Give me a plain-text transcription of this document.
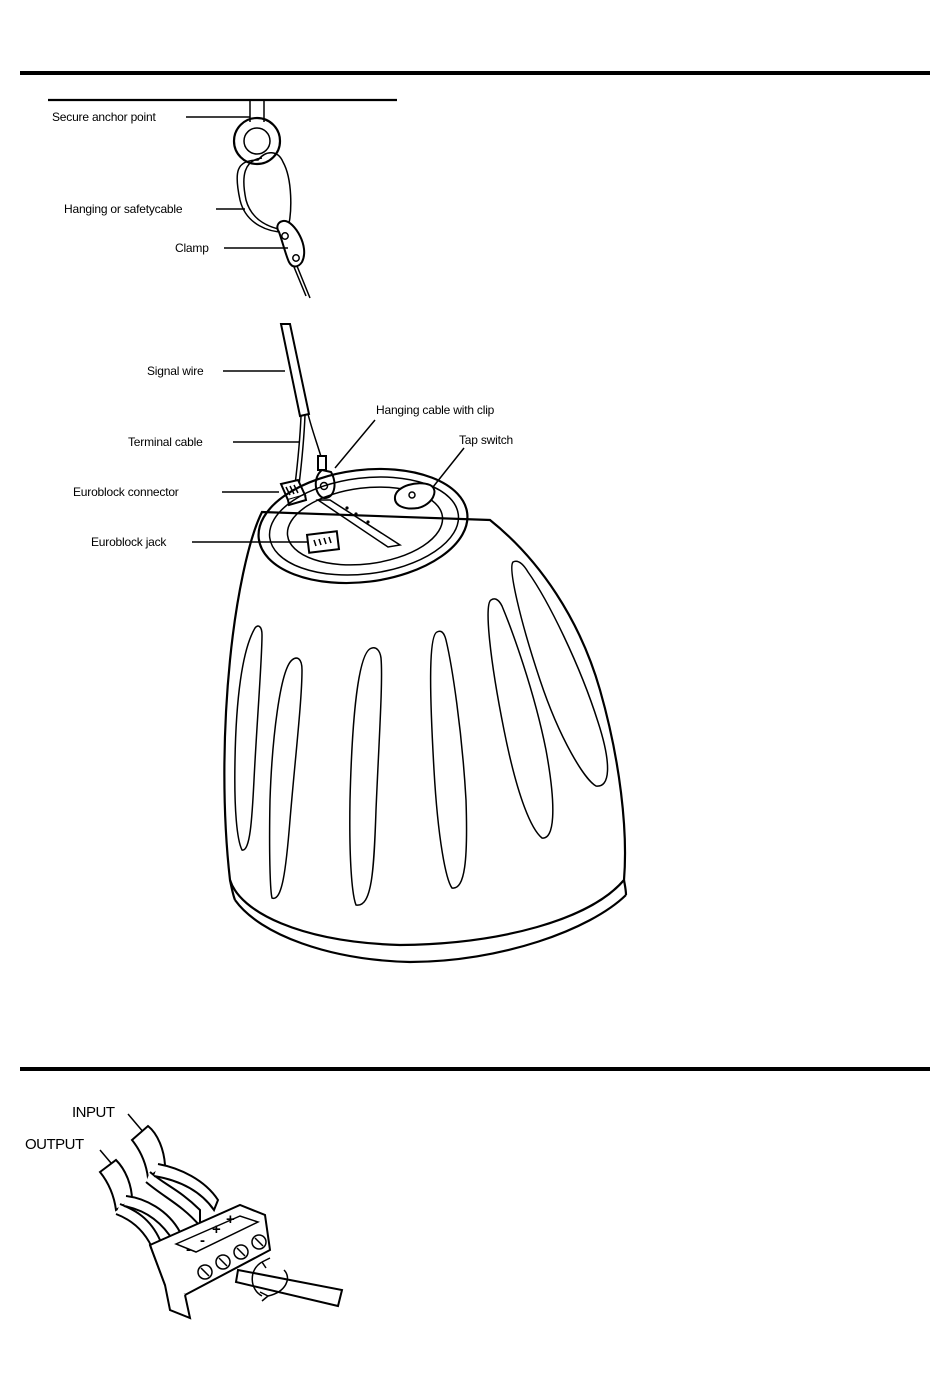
Secure anchor point
Hanging or safetycable
Clamp
Signal wire
Hanging cable with clip
Terminal cable	Tap switch
Euroblock connector
Euroblock jack
INPUT
OUTPUT
-
-
+
+
